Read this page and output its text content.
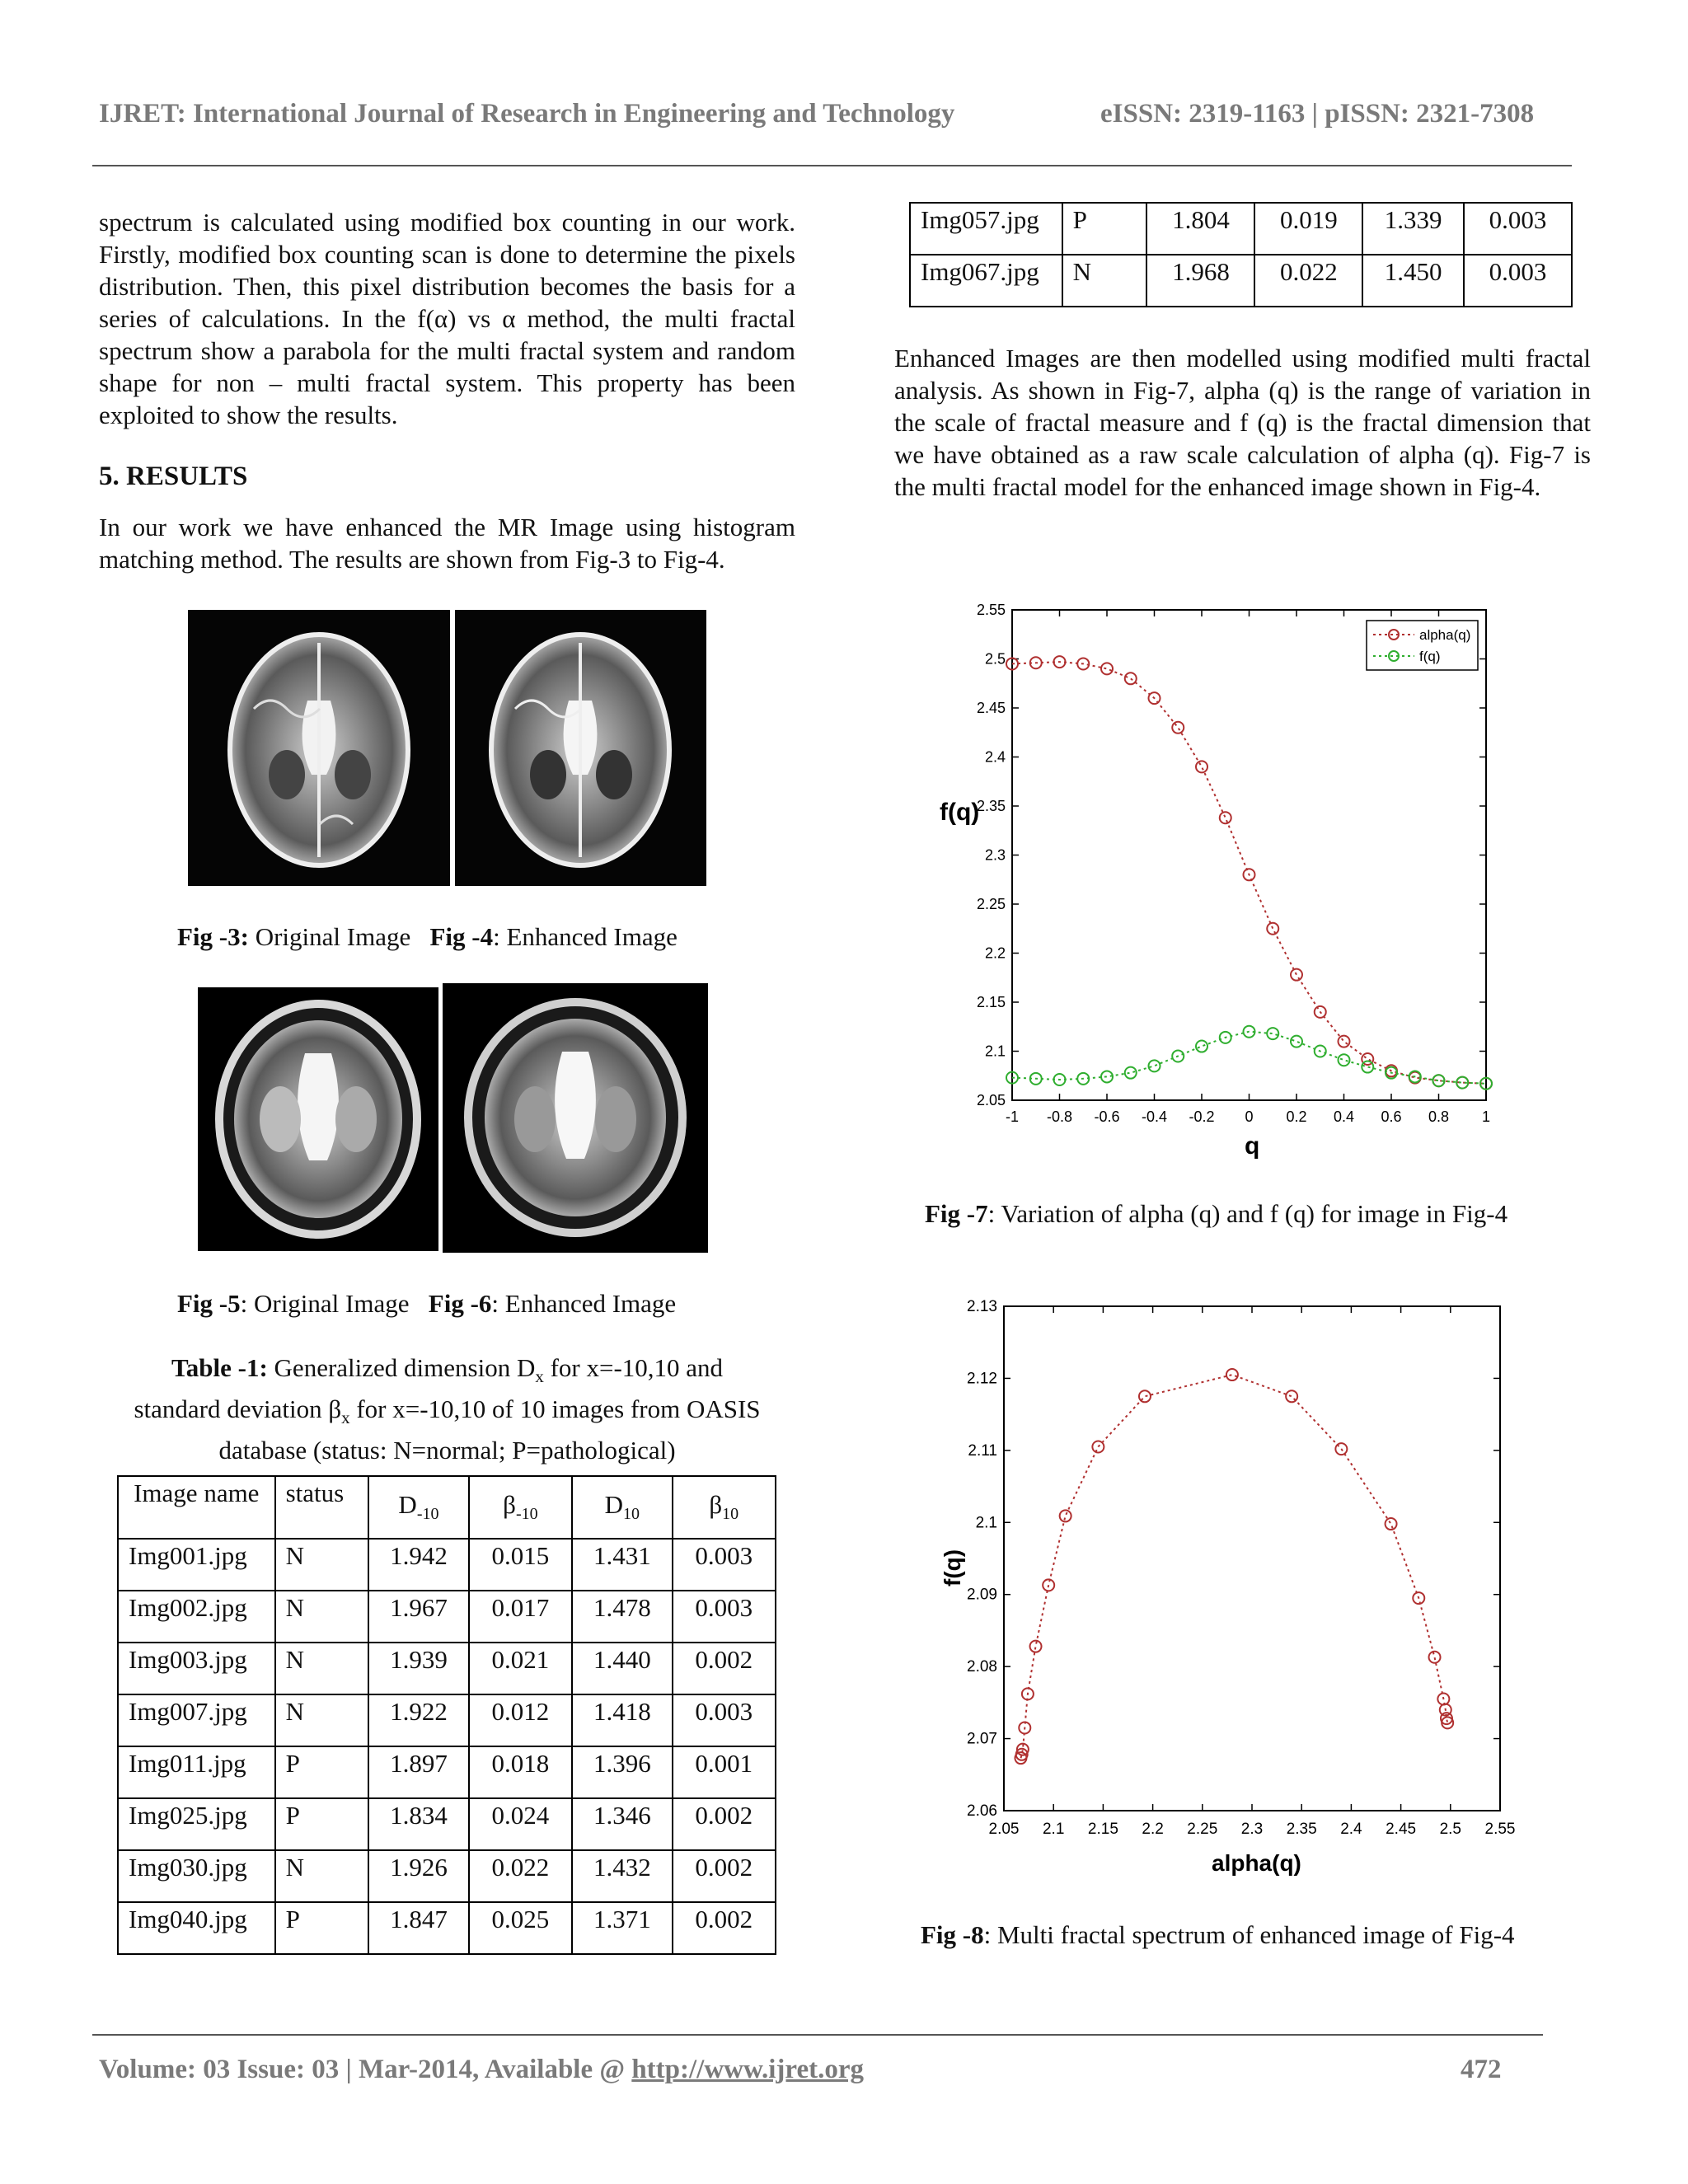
IJRET: International Journal of Research in Engineering and Technology	eISSN: 2319-1163 | pISSN: 2321-7308
spectrum is calculated using modified box counting in our work. Firstly, modified box counting scan is done to determine the pixels distribution. Then, this pixel distribution becomes the basis for a series of calculations. In the f(α) vs α method, the multi fractal spectrum show a parabola for the multi fractal system and random shape for non – multi fractal system. This property has been exploited to show the results.
5. RESULTS
In our work we have enhanced the MR Image using histogram matching method. The results are shown from Fig-3 to Fig-4.
Fig -3: Original Image Fig -4: Enhanced Image
Fig -5: Original Image Fig -6: Enhanced Image
Table -1: Generalized dimension $D_x$ for x=-10,10 and
standard deviation $\beta_x$ for x=-10,10 of 10 images from OASIS
database (status: N=normal; P=pathological)
Image name	status	$D_{-10}$	$\beta_{-10}$	$D_{10}$	$\beta_{10}$
Img001.jpg	N	1.942	0.015	1.431	0.003
Img002.jpg	N	1.967	0.017	1.478	0.003
Img003.jpg	N	1.939	0.021	1.440	0.002
Img007.jpg	N	1.922	0.012	1.418	0.003
Img011.jpg	P	1.897	0.018	1.396	0.001
Img025.jpg	P	1.834	0.024	1.346	0.002
Img030.jpg	N	1.926	0.022	1.432	0.002
Img040.jpg	P	1.847	0.025	1.371	0.002
Img057.jpg	P	1.804	0.019	1.339	0.003
Img067.jpg	N	1.968	0.022	1.450	0.003
Enhanced Images are then modelled using modified multi fractal analysis. As shown in Fig-7, alpha (q) is the range of variation in the scale of fractal measure and f (q) is the fractal dimension that we have obtained as a raw scale calculation of alpha (q). Fig-7 is the multi fractal model for the enhanced image shown in Fig-4.
-1 -0.8 -0.6 -0.4 -0.2 0 0.2 0.4 0.6 0.8 1
2.05
2.1
2.15
2.2
2.25
2.3
2.35
2.4
2.45
2.5
2.55
f(q)
q
alpha(q)
f(q)
Fig -7: Variation of alpha (q) and f (q) for image in Fig-4
2.05 2.1 2.15 2.2 2.25 2.3 2.35 2.4 2.45 2.5 2.55
2.06
2.07
2.08
2.09
2.1
2.11
2.12
2.13
f(q)
alpha(q)
Fig -8: Multi fractal spectrum of enhanced image of Fig-4
Volume: 03 Issue: 03 | Mar-2014, Available @ http://www.ijret.org	472
